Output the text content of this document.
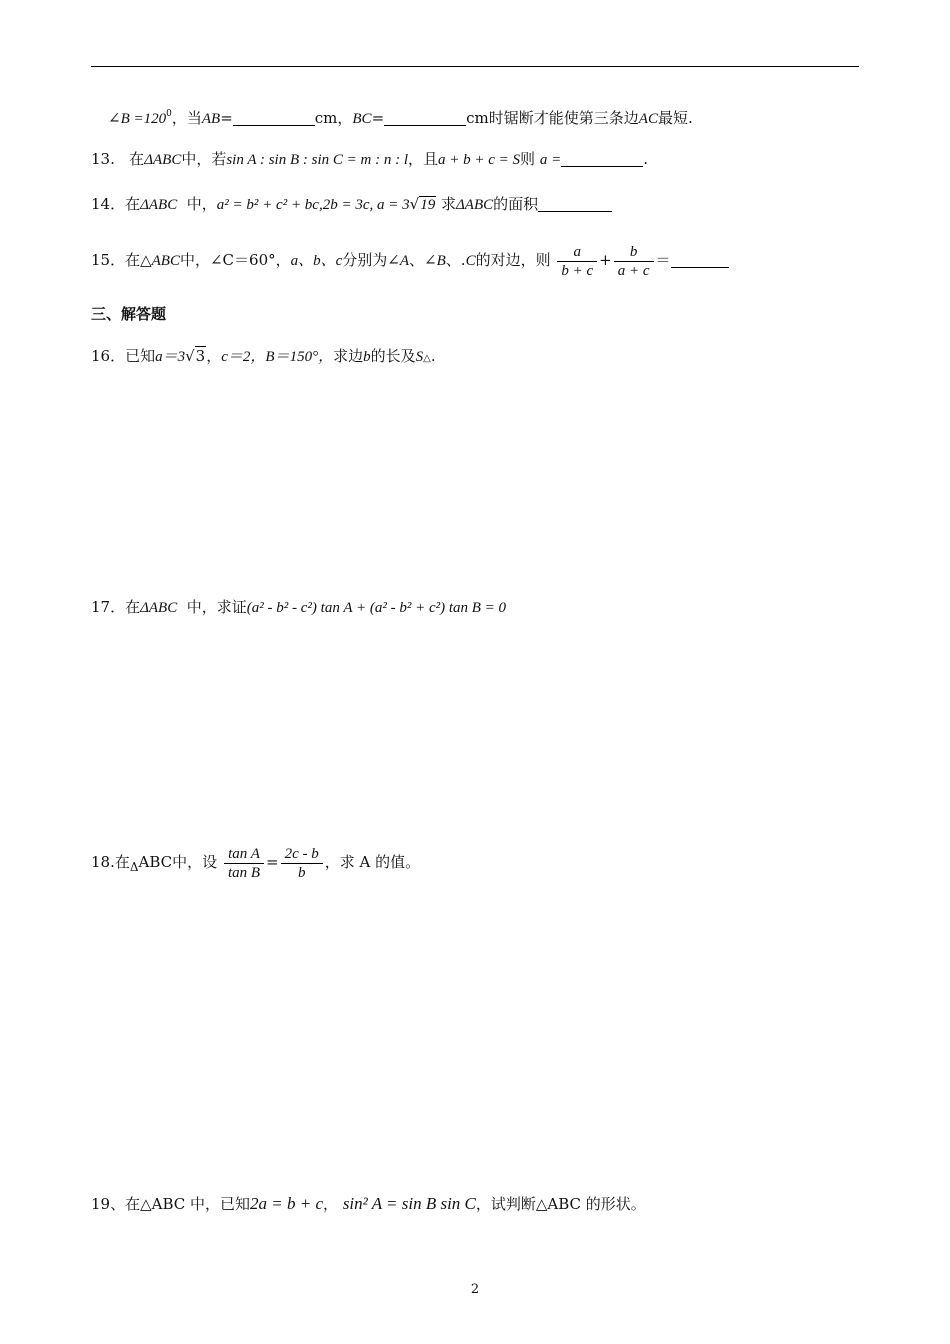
∠B $=120^0$，当AB=	cm，BC=	cm时锯断才能使第三条边AC最短.
13. 在ΔABC中，若sin A : sin B : sin C = m : n : l，且a + b + c = S则 a =	.
14．在ΔABC 中，a² = b² + c² + bc,2b = 3c, a = 3√19 求ΔABC的面积
15．在△ABC中，∠C＝60°，a、b、c分别为∠A、∠B、.C的对边，则 $\frac{a}{b + c} + \frac{b}{a + c}$ ＝
三、解答题
16．已知a＝3√3，c＝2，B＝150°，求边b的长及S△.
17．在ΔABC 中，求证(a² - b² - c²) tan A + (a² - b² + c²) tan B = 0
18.在$_\Delta$ABC中，设 $\frac{\text{tan A}}{\text{tan B}} = \frac{2c - b}{b}$ ，求 A 的值。
19、在△ABC 中，已知2a = b + c， sin² A = sin B sin C，试判断△ABC 的形状。
2
